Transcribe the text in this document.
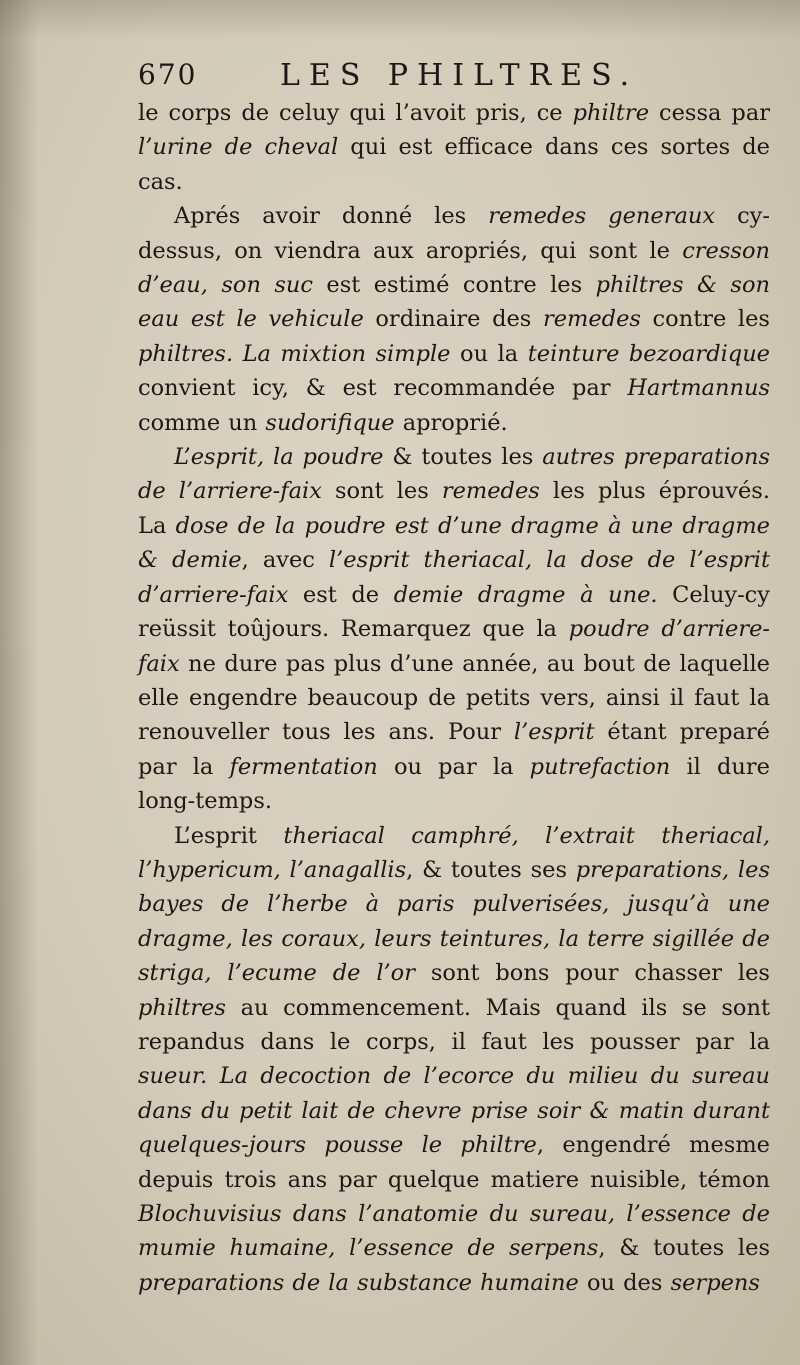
670	LES PHILTRES.

le corps de celuy qui l’avoit pris, ce philtre cessa par l’urine de cheval qui est efficace dans ces sortes de cas.

Aprés avoir donné les remedes generaux cy-dessus, on viendra aux aropriés, qui sont le cresson d’eau, son suc est estimé contre les philtres & son eau est le vehicule ordinaire des remedes contre les philtres. La mixtion simple ou la teinture bezoardique convient icy, & est recommandée par Hartmannus comme un sudorifique aproprié.

L’esprit, la poudre & toutes les autres preparations de l’arriere-faix sont les remedes les plus éprouvés. La dose de la poudre est d’une dragme à une dragme & demie, avec l’esprit theriacal, la dose de l’esprit d’arriere-faix est de demie dragme à une. Celuy-cy reüssit toûjours. Remarquez que la poudre d’arriere-faix ne dure pas plus d’une année, au bout de laquelle elle engendre beaucoup de petits vers, ainsi il faut la renouveller tous les ans. Pour l’esprit étant preparé par la fermentation ou par la putrefaction il dure long-temps.

L’esprit theriacal camphré, l’extrait theriacal, l’hypericum, l’anagallis, & toutes ses preparations, les bayes de l’herbe à paris pulverisées, jusqu’à une dragme, les coraux, leurs teintures, la terre sigillée de striga, l’ecume de l’or sont bons pour chasser les philtres au commencement. Mais quand ils se sont repandus dans le corps, il faut les pousser par la sueur. La decoction de l’ecorce du milieu du sureau dans du petit lait de chevre prise soir & matin durant quelques-jours pousse le philtre, engendré mesme depuis trois ans par quelque matiere nuisible, témon Blochuvisius dans l’anatomie du sureau, l’essence de mumie humaine, l’essence de serpens, & toutes les preparations de la substance humaine ou des serpens
